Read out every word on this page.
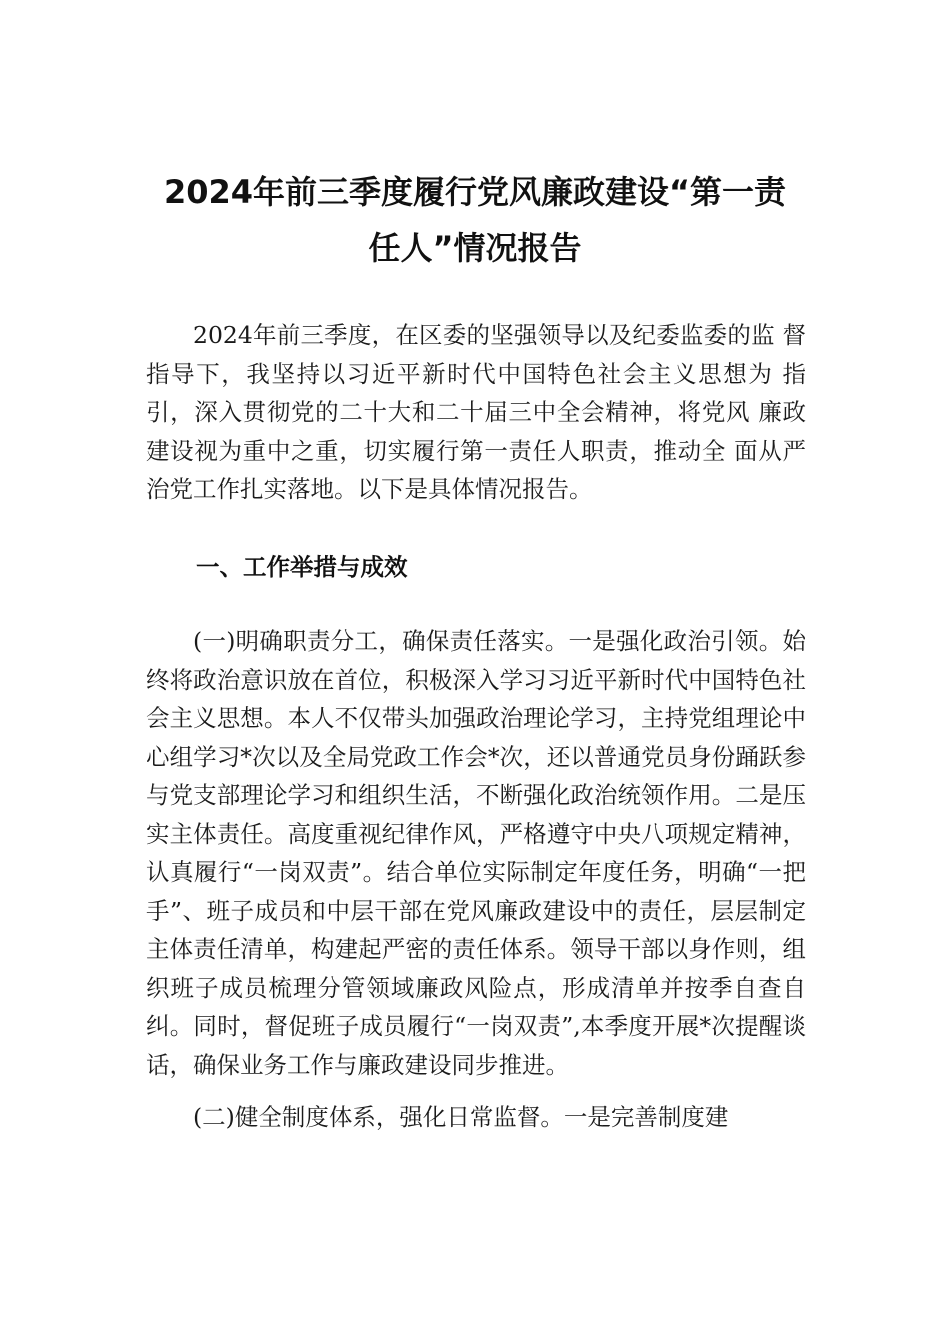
2024年前三季度履行党风廉政建设“第一责
任人”情况报告

2024年前三季度，在区委的坚强领导以及纪委监委的监 督指导下，我坚持以习近平新时代中国特色社会主义思想为 指引，深入贯彻党的二十大和二十届三中全会精神，将党风 廉政建设视为重中之重，切实履行第一责任人职责，推动全 面从严治党工作扎实落地。以下是具体情况报告。

一、工作举措与成效

(一)明确职责分工，确保责任落实。一是强化政治引领。始终将政治意识放在首位，积极深入学习习近平新时代中国特色社会主义思想。本人不仅带头加强政治理论学习，主持党组理论中心组学习*次以及全局党政工作会*次，还以普通党员身份踊跃参与党支部理论学习和组织生活，不断强化政治统领作用。二是压实主体责任。高度重视纪律作风，严格遵守中央八项规定精神，认真履行“一岗双责”。结合单位实际制定年度任务，明确“一把手”、班子成员和中层干部在党风廉政建设中的责任，层层制定主体责任清单，构建起严密的责任体系。领导干部以身作则，组织班子成员梳理分管领域廉政风险点，形成清单并按季自查自纠。同时，督促班子成员履行“一岗双责”,本季度开展*次提醒谈话，确保业务工作与廉政建设同步推进。

(二)健全制度体系，强化日常监督。一是完善制度建
